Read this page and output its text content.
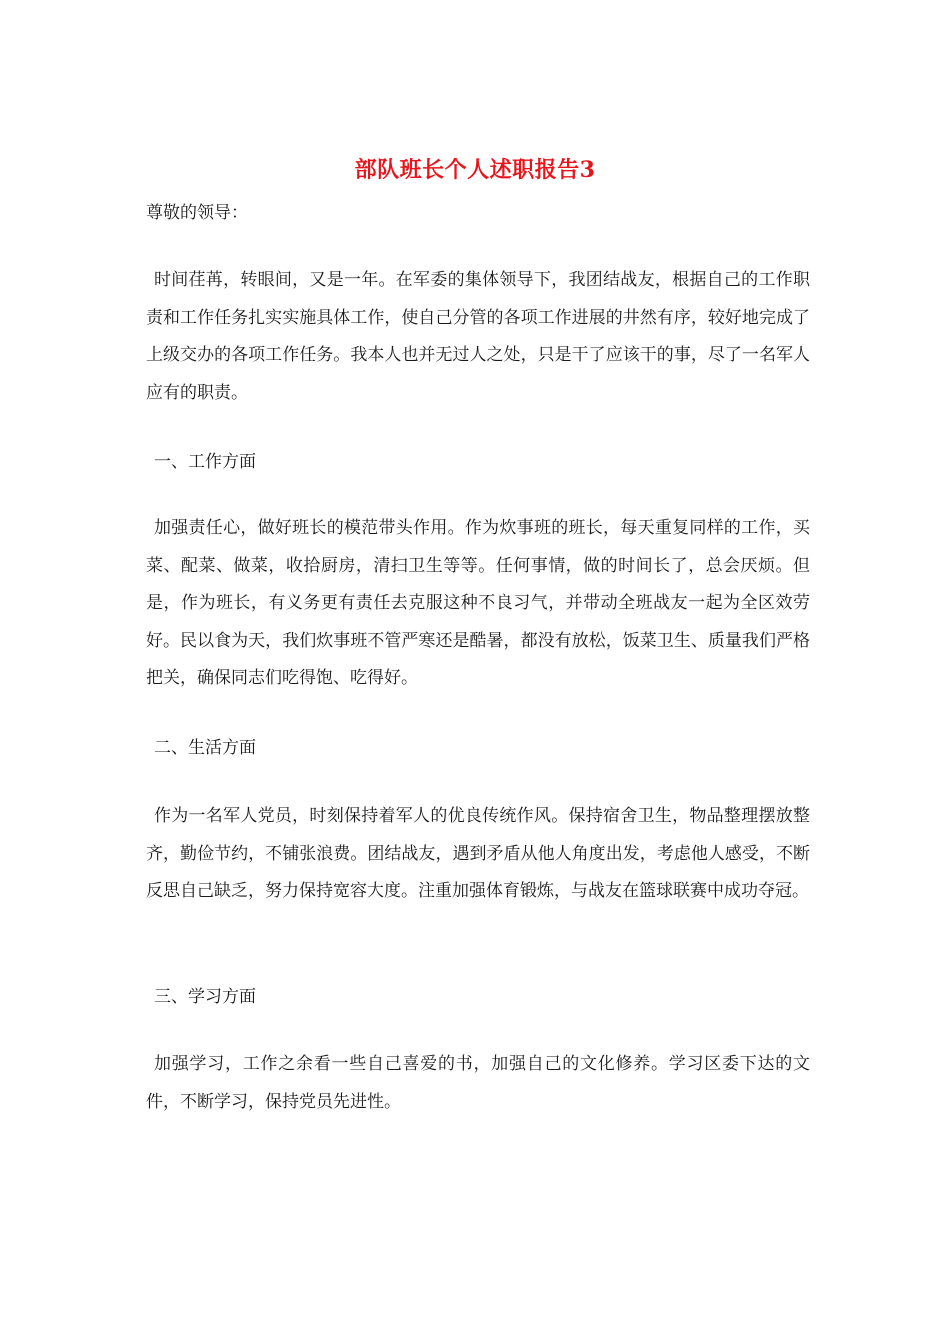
部队班长个人述职报告3
尊敬的领导：
时间荏苒，转眼间，又是一年。在军委的集体领导下，我团结战友，根据自己的工作职责和工作任务扎实实施具体工作，使自己分管的各项工作进展的井然有序，较好地完成了上级交办的各项工作任务。我本人也并无过人之处，只是干了应该干的事，尽了一名军人应有的职责。
一、工作方面
加强责任心，做好班长的模范带头作用。作为炊事班的班长，每天重复同样的工作，买菜、配菜、做菜，收拾厨房，清扫卫生等等。任何事情，做的时间长了，总会厌烦。但是，作为班长，有义务更有责任去克服这种不良习气，并带动全班战友一起为全区效劳好。民以食为天，我们炊事班不管严寒还是酷暑，都没有放松，饭菜卫生、质量我们严格把关，确保同志们吃得饱、吃得好。
二、生活方面
作为一名军人党员，时刻保持着军人的优良传统作风。保持宿舍卫生，物品整理摆放整齐，勤俭节约，不铺张浪费。团结战友，遇到矛盾从他人角度出发，考虑他人感受，不断反思自己缺乏，努力保持宽容大度。注重加强体育锻炼，与战友在篮球联赛中成功夺冠。
三、学习方面
加强学习，工作之余看一些自己喜爱的书，加强自己的文化修养。学习区委下达的文件，不断学习，保持党员先进性。
